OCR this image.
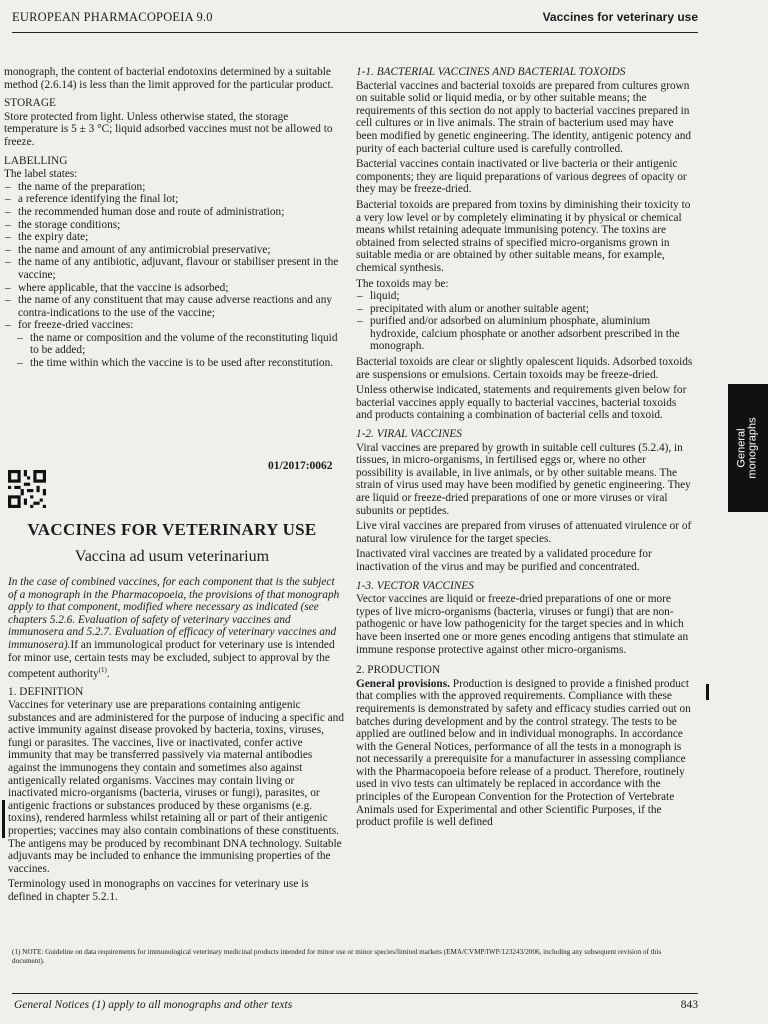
EUROPEAN PHARMACOPOEIA 9.0	Vaccines for veterinary use

monograph, the content of bacterial endotoxins determined by a suitable method (2.6.14) is less than the limit approved for the particular product.

STORAGE

Store protected from light. Unless otherwise stated, the storage temperature is 5 ± 3 °C; liquid adsorbed vaccines must not be allowed to freeze.

LABELLING

The label states:

– the name of the preparation;
– a reference identifying the final lot;
– the recommended human dose and route of administration;
– the storage conditions;
– the expiry date;
– the name and amount of any antimicrobial preservative;
– the name of any antibiotic, adjuvant, flavour or stabiliser present in the vaccine;
– where applicable, that the vaccine is adsorbed;
– the name of any constituent that may cause adverse reactions and any contra-indications to the use of the vaccine;
– for freeze-dried vaccines:
– the name or composition and the volume of the reconstituting liquid to be added;
– the time within which the vaccine is to be used after reconstitution.
01/2017:0062
VACCINES FOR VETERINARY USE
Vaccina ad usum veterinarium

In the case of combined vaccines, for each component that is the subject of a monograph in the Pharmacopoeia, the provisions of that monograph apply to that component, modified where necessary as indicated (see chapters 5.2.6. Evaluation of safety of veterinary vaccines and immunosera and 5.2.7. Evaluation of efficacy of veterinary vaccines and immunosera).If an immunological product for veterinary use is intended for minor use, certain tests may be excluded, subject to approval by the competent authority$^{(1)}$.

1. DEFINITION

Vaccines for veterinary use are preparations containing antigenic substances and are administered for the purpose of inducing a specific and active immunity against disease provoked by bacteria, toxins, viruses, fungi or parasites. The vaccines, live or inactivated, confer active immunity that may be transferred passively via maternal antibodies against the immunogens they contain and sometimes also against antigenically related organisms. Vaccines may contain living or inactivated micro-organisms (bacteria, viruses or fungi), parasites, or antigenic fractions or substances produced by these organisms (e.g. toxins), rendered harmless whilst retaining all or part of their antigenic properties; vaccines may also contain combinations of these constituents. The antigens may be produced by recombinant DNA technology. Suitable adjuvants may be included to enhance the immunising properties of the vaccines.

Terminology used in monographs on vaccines for veterinary use is defined in chapter 5.2.1.

1-1. BACTERIAL VACCINES AND BACTERIAL TOXOIDS

Bacterial vaccines and bacterial toxoids are prepared from cultures grown on suitable solid or liquid media, or by other suitable means; the requirements of this section do not apply to bacterial vaccines prepared in cell cultures or in live animals. The strain of bacterium used may have been modified by genetic engineering. The identity, antigenic potency and purity of each bacterial culture used is carefully controlled.

Bacterial vaccines contain inactivated or live bacteria or their antigenic components; they are liquid preparations of various degrees of opacity or they may be freeze-dried.

Bacterial toxoids are prepared from toxins by diminishing their toxicity to a very low level or by completely eliminating it by physical or chemical means whilst retaining adequate immunising potency. The toxins are obtained from selected strains of specified micro-organisms grown in suitable media or are obtained by other suitable means, for example, chemical synthesis.

The toxoids may be:

– liquid;
– precipitated with alum or another suitable agent;
– purified and/or adsorbed on aluminium phosphate, aluminium hydroxide, calcium phosphate or another adsorbent prescribed in the monograph.

Bacterial toxoids are clear or slightly opalescent liquids. Adsorbed toxoids are suspensions or emulsions. Certain toxoids may be freeze-dried.

Unless otherwise indicated, statements and requirements given below for bacterial vaccines apply equally to bacterial vaccines, bacterial toxoids and products containing a combination of bacterial cells and toxoid.

1-2. VIRAL VACCINES

Viral vaccines are prepared by growth in suitable cell cultures (5.2.4), in tissues, in micro-organisms, in fertilised eggs or, where no other possibility is available, in live animals, or by other suitable means. The strain of virus used may have been modified by genetic engineering. They are liquid or freeze-dried preparations of one or more viruses or viral subunits or peptides.

Live viral vaccines are prepared from viruses of attenuated virulence or of natural low virulence for the target species.

Inactivated viral vaccines are treated by a validated procedure for inactivation of the virus and may be purified and concentrated.

1-3. VECTOR VACCINES

Vector vaccines are liquid or freeze-dried preparations of one or more types of live micro-organisms (bacteria, viruses or fungi) that are non-pathogenic or have low pathogenicity for the target species and in which have been inserted one or more genes encoding antigens that stimulate an immune response protective against other micro-organisms.

2. PRODUCTION

General provisions. Production is designed to provide a finished product that complies with the approved requirements. Compliance with these requirements is demonstrated by safety and efficacy studies carried out on batches during development and by the control strategy. The tests to be applied are outlined below and in individual monographs. In accordance with the General Notices, performance of all the tests in a monograph is not necessarily a prerequisite for a manufacturer in assessing compliance with the Pharmacopoeia before release of a product. Therefore, routinely used in vivo tests can ultimately be replaced in accordance with the principles of the European Convention for the Protection of Vertebrate Animals used for Experimental and other Scientific Purposes, if the product profile is well defined

General
monographs
(1) NOTE: Guideline on data requirements for immunological veterinary medicinal products intended for minor use or minor species/limited markets (EMA/CVMP/IWP/123243/2006, including any subsequent revision of this document).
General Notices (1) apply to all monographs and other texts	843
